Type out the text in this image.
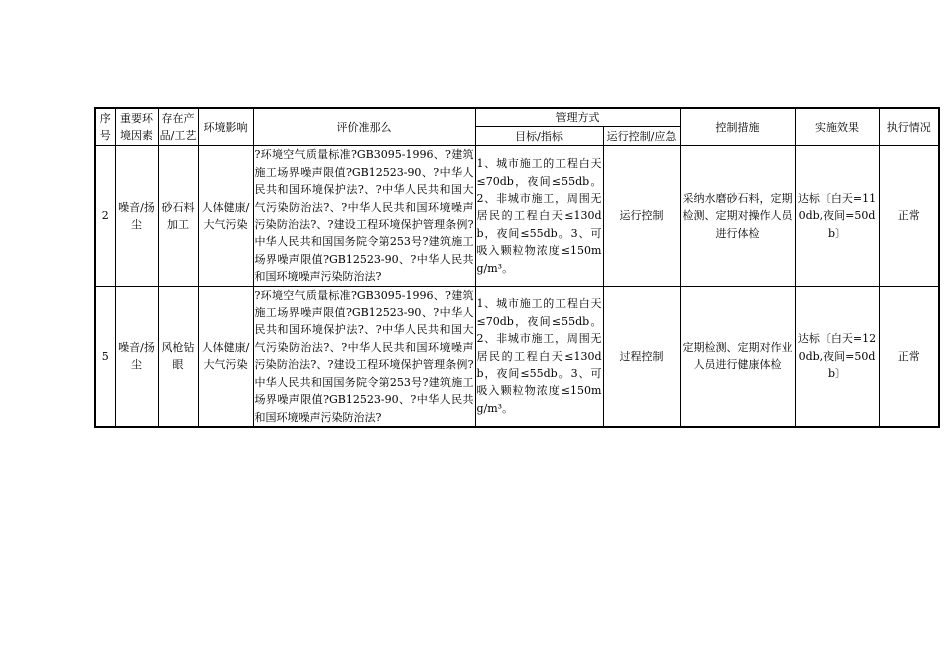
序号	重要环境因素	存在产品/工艺	环境影响	评价准那么	管理方式		控制措施	实施效果	执行情况
					目标/指标	运行控制/应急			
2	噪音/扬尘	砂石料加工	人体健康/大气污染	?环境空气质量标准?GB3095-1996、?建筑施工场界噪声限值?GB12523-90、?中华人民共和国环境保护法?、?中华人民共和国大气污染防治法?、?中华人民共和国环境噪声污染防治法?、?建设工程环境保护管理条例?中华人民共和国国务院令第253号?建筑施工场界噪声限值?GB12523-90、?中华人民共和国环境噪声污染防治法?	1、城市施工的工程白天≤70db，夜间≤55db。2、非城市施工，周围无居民的工程白天≤130db，夜间≤55db。3、可吸入颗粒物浓度≤150mg/m³。	运行控制	采纳水磨砂石料，定期检测、定期对操作人员进行体检	达标〔白天=110db,夜间=50db〕	正常
5	噪音/扬尘	风枪钻眼	人体健康/大气污染	?环境空气质量标准?GB3095-1996、?建筑施工场界噪声限值?GB12523-90、?中华人民共和国环境保护法?、?中华人民共和国大气污染防治法?、?中华人民共和国环境噪声污染防治法?、?建设工程环境保护管理条例?中华人民共和国国务院令第253号?建筑施工场界噪声限值?GB12523-90、?中华人民共和国环境噪声污染防治法?	1、城市施工的工程白天≤70db，夜间≤55db。2、非城市施工，周围无居民的工程白天≤130db，夜间≤55db。3、可吸入颗粒物浓度≤150mg/m³。	过程控制	定期检测、定期对作业人员进行健康体检	达标〔白天=120db,夜间=50db〕	正常
